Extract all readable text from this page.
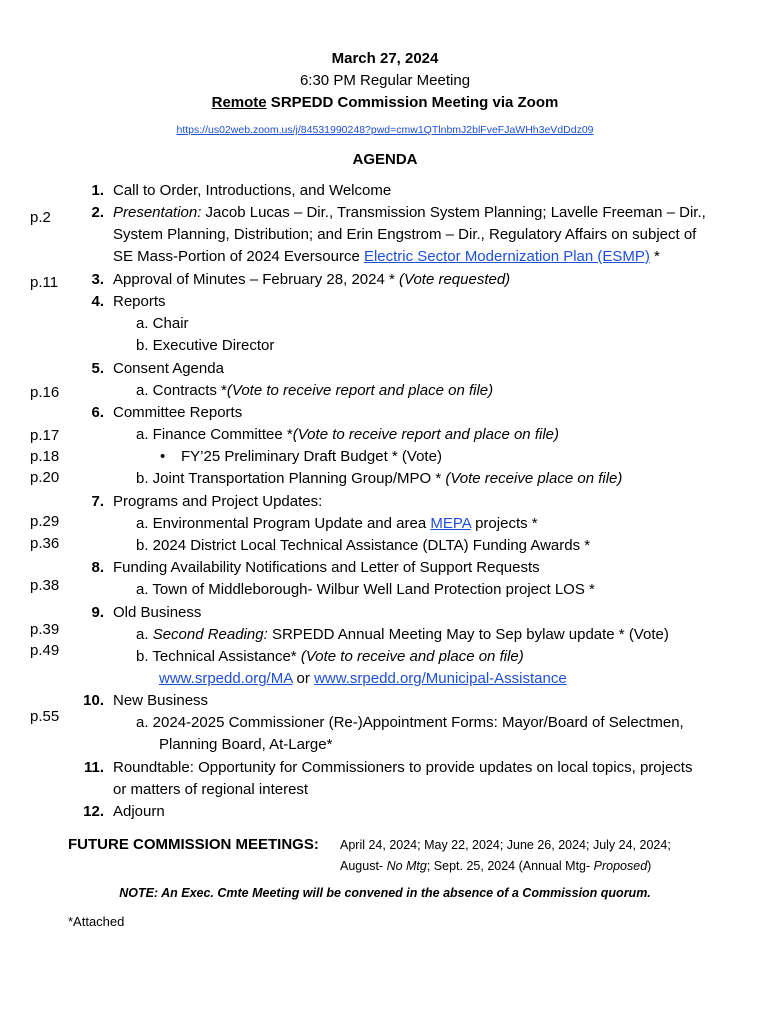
March 27, 2024
6:30 PM Regular Meeting
Remote SRPEDD Commission Meeting via Zoom
https://us02web.zoom.us/j/84531990248?pwd=cmw1QTlnbmJ2blFveFJaWHh3eVdDdz09
AGENDA
p.2
p.11
p.16
p.17
p.18
p.20
p.29
p.36
p.38
p.39
p.49
p.55
1. Call to Order, Introductions, and Welcome
2. Presentation: Jacob Lucas – Dir., Transmission System Planning; Lavelle Freeman – Dir.,
System Planning, Distribution; and Erin Engstrom – Dir., Regulatory Affairs on subject of
SE Mass-Portion of 2024 Eversource Electric Sector Modernization Plan (ESMP) *
3. Approval of Minutes – February 28, 2024 * (Vote requested)
4. Reports
a. Chair
b. Executive Director
5. Consent Agenda
a. Contracts *(Vote to receive report and place on file)
6. Committee Reports
a. Finance Committee *(Vote to receive report and place on file)
• FY’25 Preliminary Draft Budget * (Vote)
b. Joint Transportation Planning Group/MPO * (Vote receive place on file)
7. Programs and Project Updates:
a. Environmental Program Update and area MEPA projects *
b. 2024 District Local Technical Assistance (DLTA) Funding Awards *
8. Funding Availability Notifications and Letter of Support Requests
a. Town of Middleborough- Wilbur Well Land Protection project LOS *
9. Old Business
a. Second Reading: SRPEDD Annual Meeting May to Sep bylaw update * (Vote)
b. Technical Assistance* (Vote to receive and place on file)
www.srpedd.org/MA or www.srpedd.org/Municipal-Assistance
10. New Business
a. 2024-2025 Commissioner (Re-)Appointment Forms: Mayor/Board of Selectmen,
Planning Board, At-Large*
11. Roundtable: Opportunity for Commissioners to provide updates on local topics, projects
or matters of regional interest
12. Adjourn
FUTURE COMMISSION MEETINGS: April 24, 2024; May 22, 2024; June 26, 2024; July 24, 2024;
August- No Mtg; Sept. 25, 2024 (Annual Mtg- Proposed)
NOTE: An Exec. Cmte Meeting will be convened in the absence of a Commission quorum.
*Attached
